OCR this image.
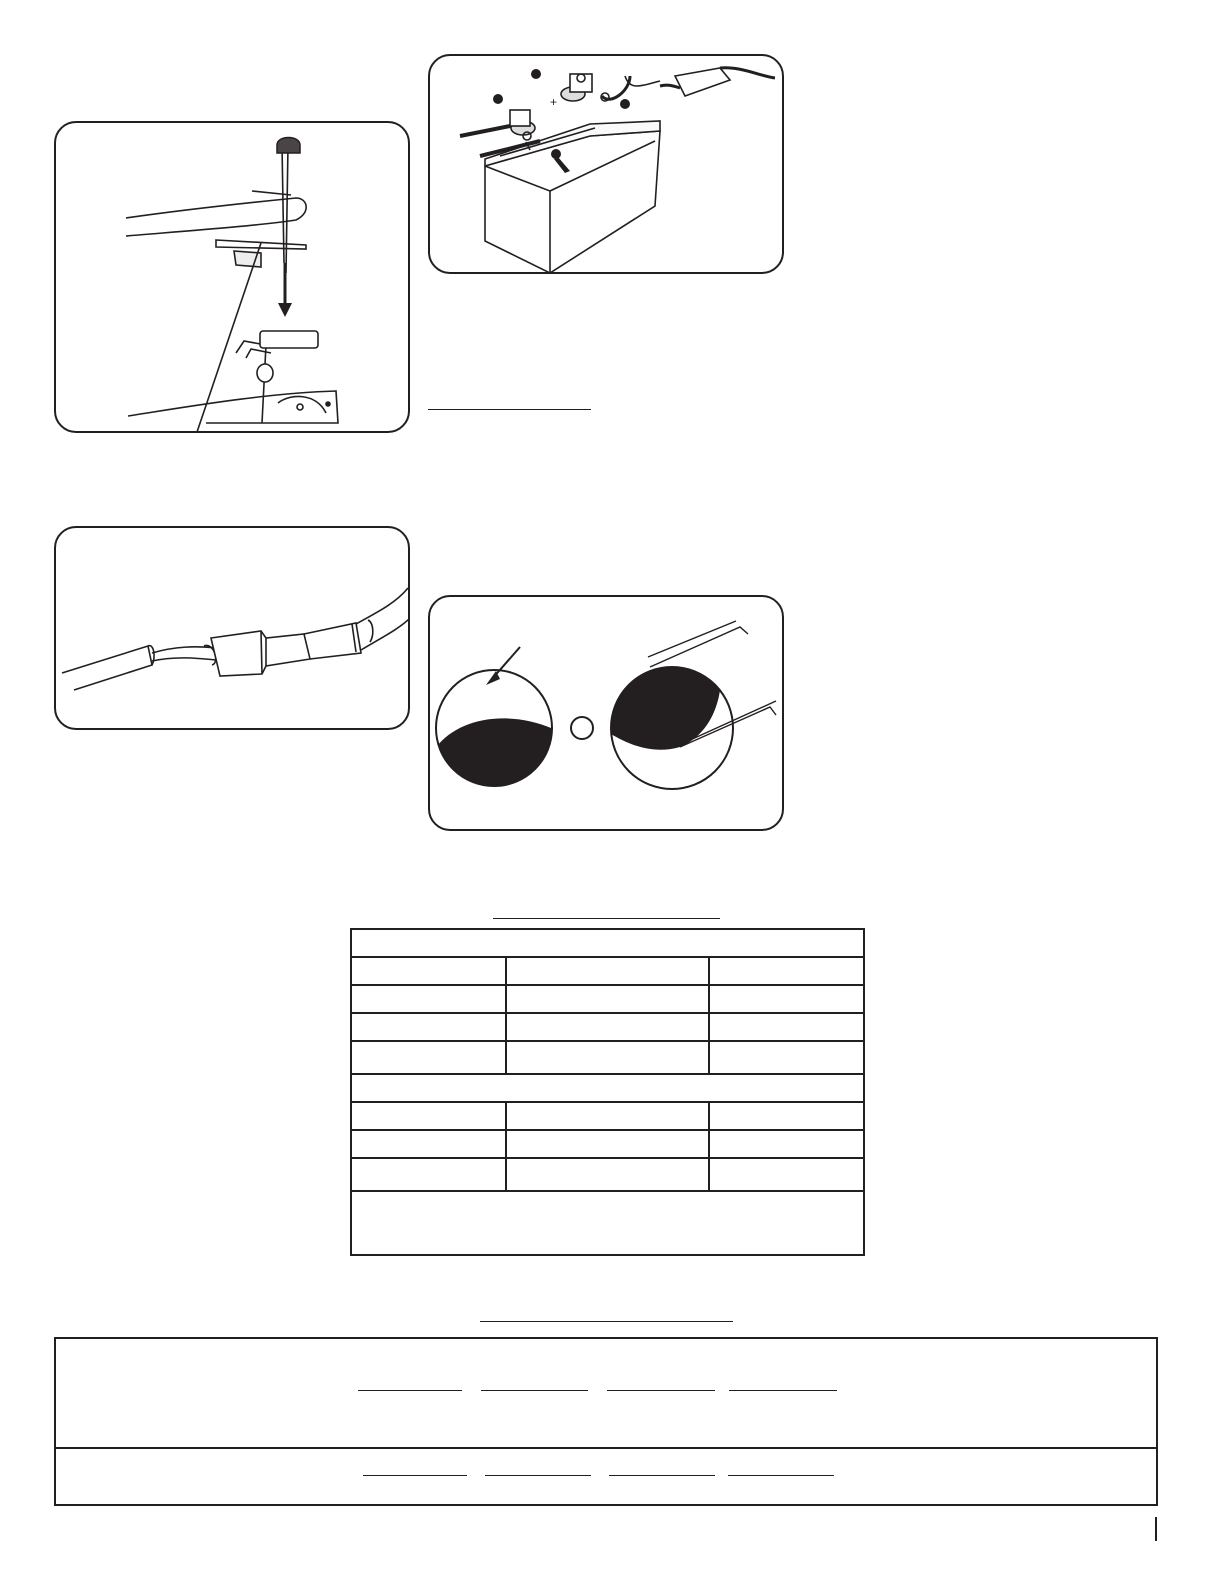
+
